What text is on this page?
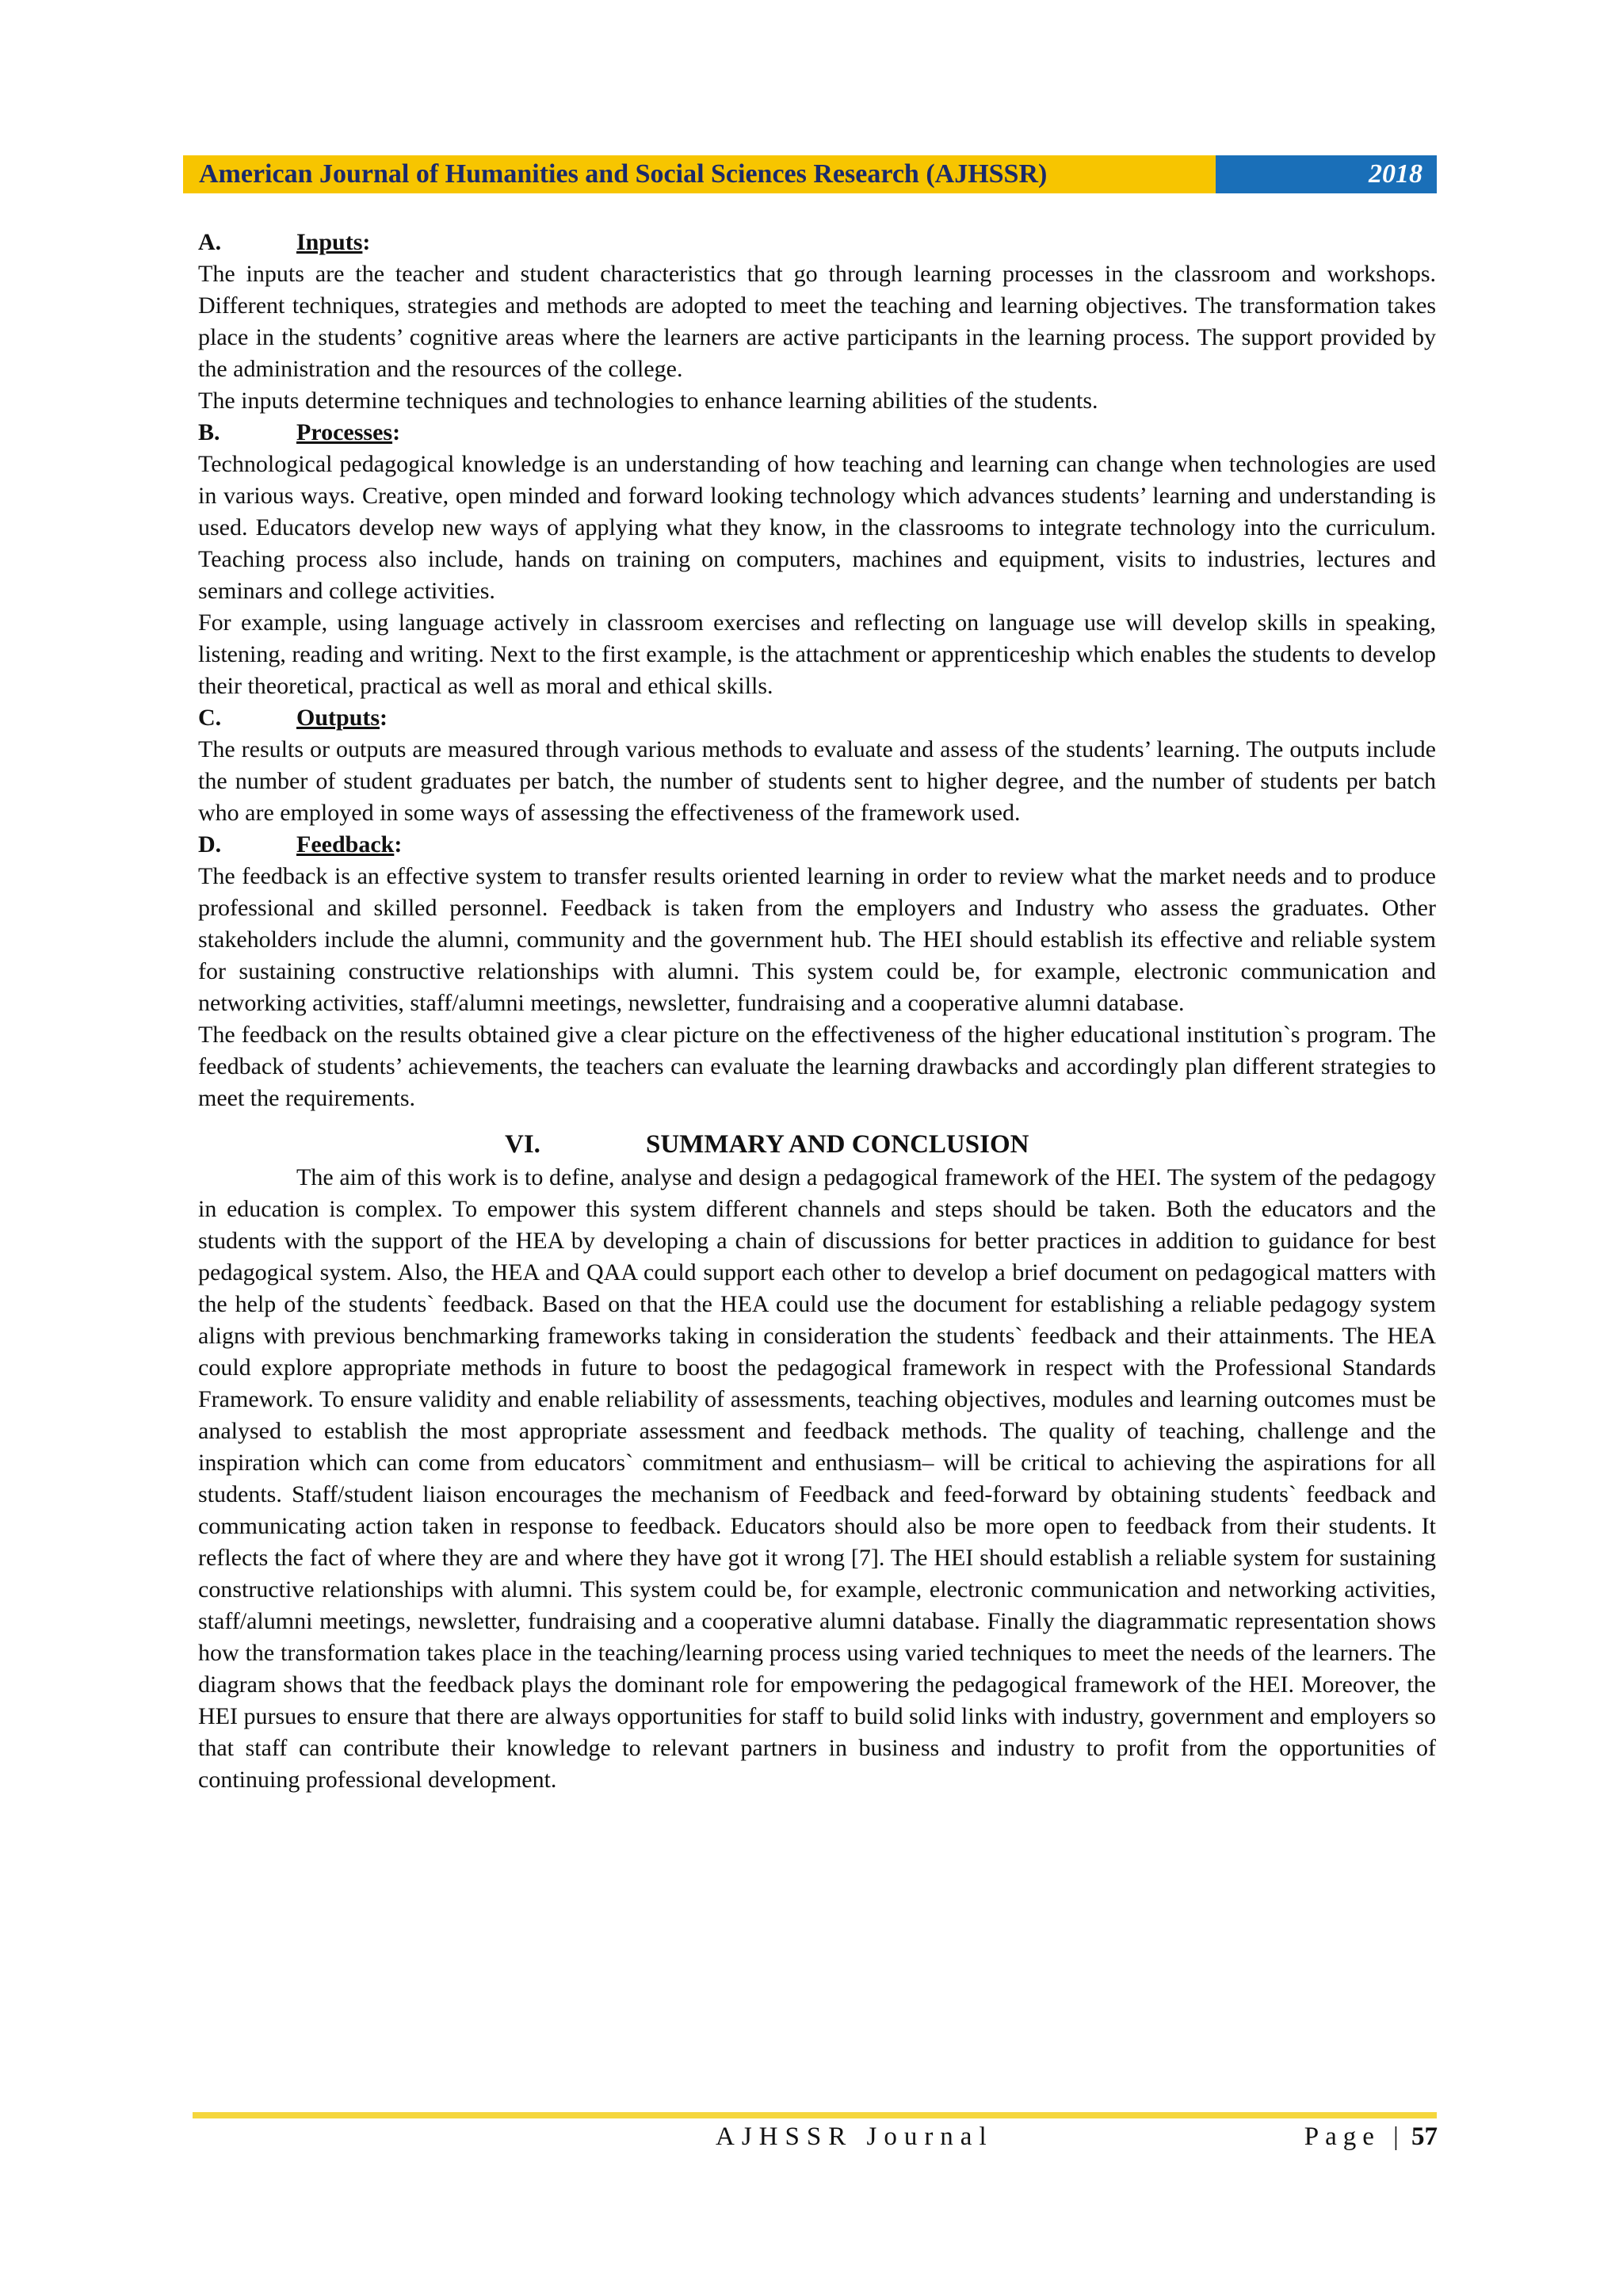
American Journal of Humanities and Social Sciences Research (AJHSSR)	2018
A.	Inputs:

The inputs are the teacher and student characteristics that go through learning processes in the classroom and workshops. Different techniques, strategies and methods are adopted to meet the teaching and learning objectives. The transformation takes place in the students’ cognitive areas where the learners are active participants in the learning process. The support provided by the administration and the resources of the college.

The inputs determine techniques and technologies to enhance learning abilities of the students.

B.	Processes:

Technological pedagogical knowledge is an understanding of how teaching and learning can change when technologies are used in various ways. Creative, open minded and forward looking technology which advances students’ learning and understanding is used. Educators develop new ways of applying what they know, in the classrooms to integrate technology into the curriculum. Teaching process also include, hands on training on computers, machines and equipment, visits to industries, lectures and seminars and college activities.

For example, using language actively in classroom exercises and reflecting on language use will develop skills in speaking, listening, reading and writing. Next to the first example, is the attachment or apprenticeship which enables the students to develop their theoretical, practical as well as moral and ethical skills.

C.	Outputs:

The results or outputs are measured through various methods to evaluate and assess of the students’ learning. The outputs include the number of student graduates per batch, the number of students sent to higher degree, and the number of students per batch who are employed in some ways of assessing the effectiveness of the framework used.

D.	Feedback:

The feedback is an effective system to transfer results oriented learning in order to review what the market needs and to produce professional and skilled personnel. Feedback is taken from the employers and Industry who assess the graduates. Other stakeholders include the alumni, community and the government hub. The HEI should establish its effective and reliable system for sustaining constructive relationships with alumni. This system could be, for example, electronic communication and networking activities, staff/alumni meetings, newsletter, fundraising and a cooperative alumni database.

The feedback on the results obtained give a clear picture on the effectiveness of the higher educational institution`s program. The feedback of students’ achievements, the teachers can evaluate the learning drawbacks and accordingly plan different strategies to meet the requirements.

VI.	SUMMARY AND CONCLUSION

The aim of this work is to define, analyse and design a pedagogical framework of the HEI. The system of the pedagogy in education is complex. To empower this system different channels and steps should be taken. Both the educators and the students with the support of the HEA by developing a chain of discussions for better practices in addition to guidance for best pedagogical system. Also, the HEA and QAA could support each other to develop a brief document on pedagogical matters with the help of the students` feedback. Based on that the HEA could use the document for establishing a reliable pedagogy system aligns with previous benchmarking frameworks taking in consideration the students` feedback and their attainments. The HEA could explore appropriate methods in future to boost the pedagogical framework in respect with the Professional Standards Framework. To ensure validity and enable reliability of assessments, teaching objectives, modules and learning outcomes must be analysed to establish the most appropriate assessment and feedback methods. The quality of teaching, challenge and the inspiration which can come from educators` commitment and enthusiasm– will be critical to achieving the aspirations for all students. Staff/student liaison encourages the mechanism of Feedback and feed-forward by obtaining students` feedback and communicating action taken in response to feedback. Educators should also be more open to feedback from their students. It reflects the fact of where they are and where they have got it wrong [7]. The HEI should establish a reliable system for sustaining constructive relationships with alumni. This system could be, for example, electronic communication and networking activities, staff/alumni meetings, newsletter, fundraising and a cooperative alumni database. Finally the diagrammatic representation shows how the transformation takes place in the teaching/learning process using varied techniques to meet the needs of the learners. The diagram shows that the feedback plays the dominant role for empowering the pedagogical framework of the HEI. Moreover, the HEI pursues to ensure that there are always opportunities for staff to build solid links with industry, government and employers so that staff can contribute their knowledge to relevant partners in business and industry to profit from the opportunities of continuing professional development.

AJHSSR Journal	Page | 57
